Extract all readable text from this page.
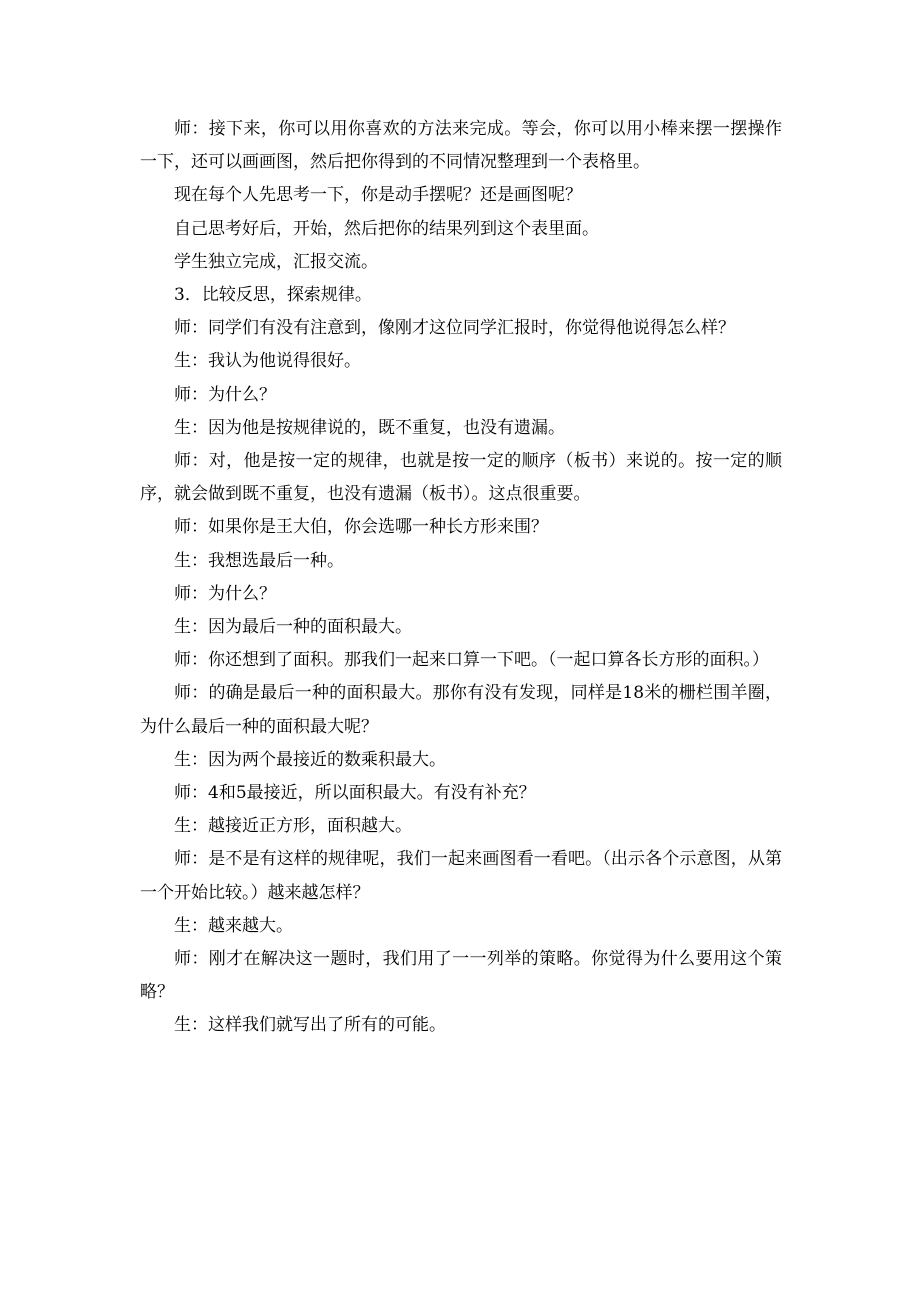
师：接下来，你可以用你喜欢的方法来完成。等会，你可以用小棒来摆一摆操作一下，还可以画画图，然后把你得到的不同情况整理到一个表格里。

现在每个人先思考一下，你是动手摆呢？还是画图呢？

自己思考好后，开始，然后把你的结果列到这个表里面。

学生独立完成，汇报交流。

3．比较反思，探索规律。

师：同学们有没有注意到，像刚才这位同学汇报时，你觉得他说得怎么样？

生：我认为他说得很好。

师：为什么？

生：因为他是按规律说的，既不重复，也没有遗漏。

师：对，他是按一定的规律，也就是按一定的顺序（板书）来说的。按一定的顺序，就会做到既不重复，也没有遗漏（板书）。这点很重要。

师：如果你是王大伯，你会选哪一种长方形来围？

生：我想选最后一种。

师：为什么？

生：因为最后一种的面积最大。

师：你还想到了面积。那我们一起来口算一下吧。（一起口算各长方形的面积。）

师：的确是最后一种的面积最大。那你有没有发现，同样是18米的栅栏围羊圈，为什么最后一种的面积最大呢？

生：因为两个最接近的数乘积最大。

师：4和5最接近，所以面积最大。有没有补充？

生：越接近正方形，面积越大。

师：是不是有这样的规律呢，我们一起来画图看一看吧。（出示各个示意图，从第一个开始比较。）越来越怎样？

生：越来越大。

师：刚才在解决这一题时，我们用了一一列举的策略。你觉得为什么要用这个策略？

生：这样我们就写出了所有的可能。
